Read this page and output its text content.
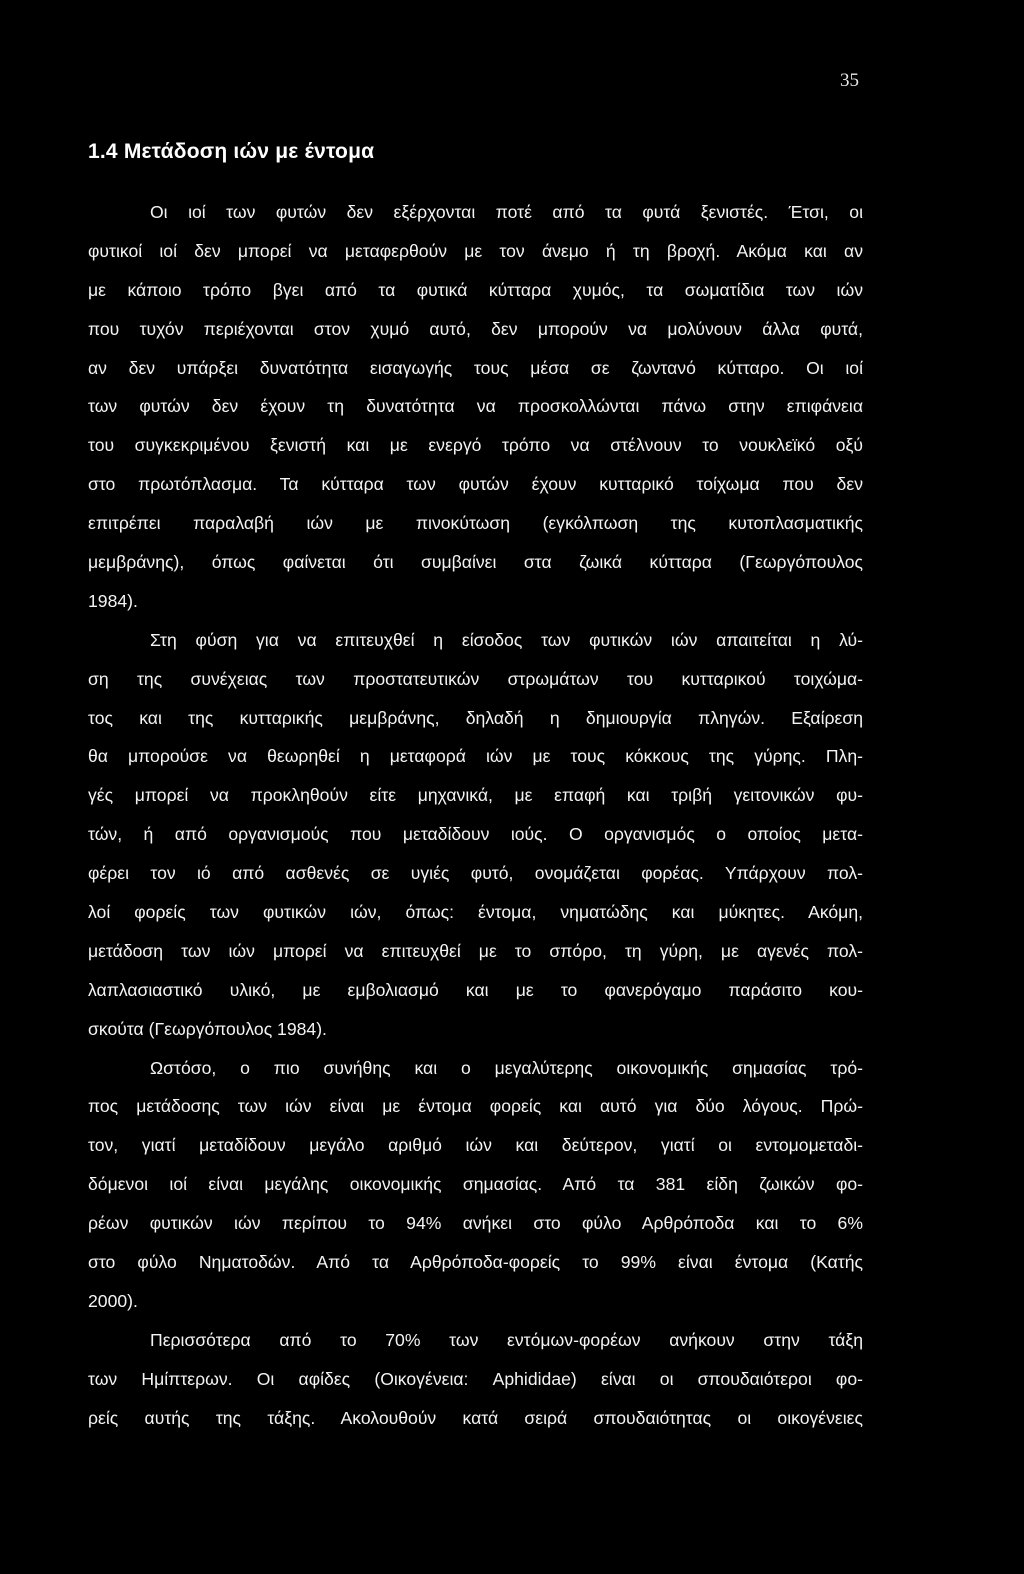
35
1.4 Μετάδοση ιών με έντομα
Οι ιοί των φυτών δεν εξέρχονται ποτέ από τα φυτά ξενιστές. Έτσι, οι
φυτικοί ιοί δεν μπορεί να μεταφερθούν με τον άνεμο ή τη βροχή. Ακόμα και αν
με κάποιο τρόπο βγει από τα φυτικά κύτταρα χυμός, τα σωματίδια των ιών
που τυχόν περιέχονται στον χυμό αυτό, δεν μπορούν να μολύνουν άλλα φυτά,
αν δεν υπάρξει δυνατότητα εισαγωγής τους μέσα σε ζωντανό κύτταρο. Οι ιοί
των φυτών δεν έχουν τη δυνατότητα να προσκολλώνται πάνω στην επιφάνεια
του συγκεκριμένου ξενιστή και με ενεργό τρόπο να στέλνουν το νουκλεϊκό οξύ
στο πρωτόπλασμα. Τα κύτταρα των φυτών έχουν κυτταρικό τοίχωμα που δεν
επιτρέπει παραλαβή ιών με πινοκύτωση (εγκόλπωση της κυτοπλασματικής
μεμβράνης), όπως φαίνεται ότι συμβαίνει στα ζωικά κύτταρα (Γεωργόπουλος
1984).
Στη φύση για να επιτευχθεί η είσοδος των φυτικών ιών απαιτείται η λύ-
ση της συνέχειας των προστατευτικών στρωμάτων του κυτταρικού τοιχώμα-
τος και της κυτταρικής μεμβράνης, δηλαδή η δημιουργία πληγών. Εξαίρεση
θα μπορούσε να θεωρηθεί η μεταφορά ιών με τους κόκκους της γύρης. Πλη-
γές μπορεί να προκληθούν είτε μηχανικά, με επαφή και τριβή γειτονικών φυ-
τών, ή από οργανισμούς που μεταδίδουν ιούς. Ο οργανισμός ο οποίος μετα-
φέρει τον ιό από ασθενές σε υγιές φυτό, ονομάζεται φορέας. Υπάρχουν πολ-
λοί φορείς των φυτικών ιών, όπως: έντομα, νηματώδης και μύκητες. Ακόμη,
μετάδοση των ιών μπορεί να επιτευχθεί με το σπόρο, τη γύρη, με αγενές πολ-
λαπλασιαστικό υλικό, με εμβολιασμό και με το φανερόγαμο παράσιτο κου-
σκούτα (Γεωργόπουλος 1984).
Ωστόσο, ο πιο συνήθης και ο μεγαλύτερης οικονομικής σημασίας τρό-
πος μετάδοσης των ιών είναι με έντομα φορείς και αυτό για δύο λόγους. Πρώ-
τον, γιατί μεταδίδουν μεγάλο αριθμό ιών και δεύτερον, γιατί οι εντομομεταδι-
δόμενοι ιοί είναι μεγάλης οικονομικής σημασίας. Από τα 381 είδη ζωικών φο-
ρέων φυτικών ιών περίπου το 94% ανήκει στο φύλο Αρθρόποδα και το 6%
στο φύλο Νηματοδών. Από τα Αρθρόποδα-φορείς το 99% είναι έντομα (Κατής
2000).
Περισσότερα από το 70% των εντόμων-φορέων ανήκουν στην τάξη
των Ημίπτερων. Οι αφίδες (Οικογένεια: Aphididae) είναι οι σπουδαιότεροι φο-
ρείς αυτής της τάξης. Ακολουθούν κατά σειρά σπουδαιότητας οι οικογένειες
